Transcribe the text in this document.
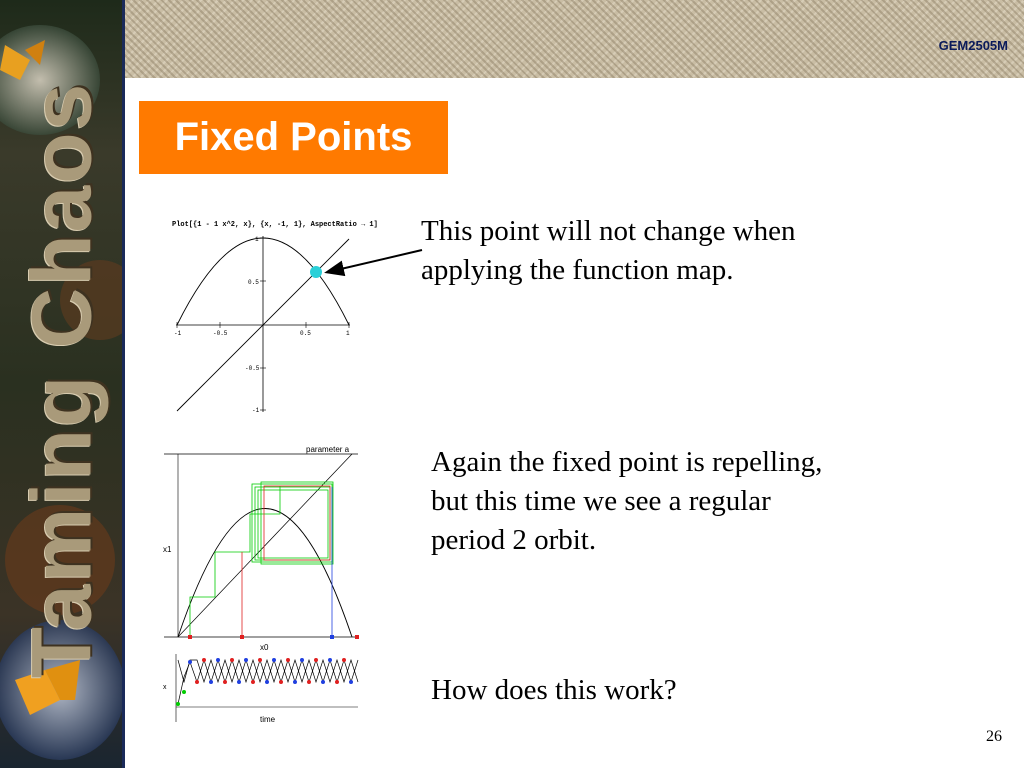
Taming Chaos
GEM2505M
Fixed Points
Plot[{1 - 1 x^2, x}, {x, -1, 1}, AspectRatio → 1]
-1	-0.5	0.5	1
1
0.5
-0.5
-1
This point will not change when
applying the function map.
parameter a
x1
x0
x
time
Again the fixed point is repelling,
but this time we see a regular
period 2 orbit.
How does this work?
26
